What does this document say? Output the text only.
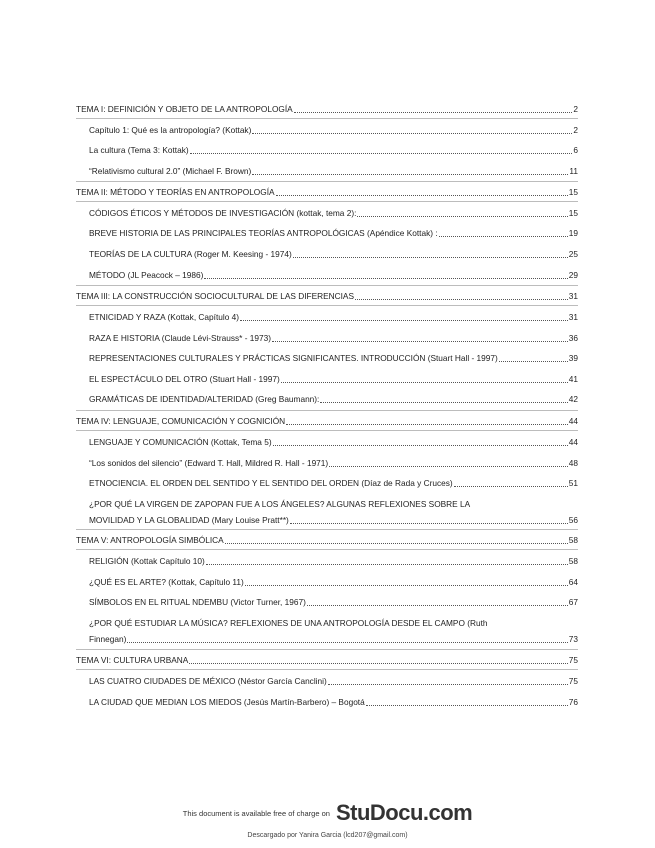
TEMA I: DEFINICIÓN Y OBJETO DE LA ANTROPOLOGÍA	2
Capítulo 1: Qué es la antropología? (Kottak)	2
La cultura (Tema 3: Kottak)	6
“Relativismo cultural 2.0” (Michael F. Brown)	11
TEMA II: MÉTODO Y TEORÍAS EN ANTROPOLOGÍA	15
CÓDIGOS ÉTICOS Y MÉTODOS DE INVESTIGACIÓN (kottak, tema 2):	15
BREVE HISTORIA DE LAS PRINCIPALES TEORÍAS ANTROPOLÓGICAS (Apéndice Kottak) :	19
TEORÍAS DE LA CULTURA (Roger M. Keesing - 1974)	25
MÉTODO (JL Peacock – 1986)	29
TEMA III: LA CONSTRUCCIÓN SOCIOCULTURAL DE LAS DIFERENCIAS	31
ETNICIDAD Y RAZA (Kottak, Capítulo 4)	31
RAZA E HISTORIA (Claude Lévi-Strauss* - 1973)	36
REPRESENTACIONES CULTURALES Y PRÁCTICAS SIGNIFICANTES. INTRODUCCIÓN (Stuart Hall - 1997)	39
EL ESPECTÁCULO DEL OTRO (Stuart Hall - 1997)	41
GRAMÁTICAS DE IDENTIDAD/ALTERIDAD (Greg Baumann):	42
TEMA IV: LENGUAJE, COMUNICACIÓN Y COGNICIÓN	44
LENGUAJE Y COMUNICACIÓN (Kottak, Tema 5)	44
“Los sonidos del silencio” (Edward T. Hall, Mildred R. Hall - 1971)	48
ETNOCIENCIA. EL ORDEN DEL SENTIDO Y EL SENTIDO DEL ORDEN (Díaz de Rada y Cruces)	51
¿POR QUÉ LA VIRGEN DE ZAPOPAN FUE A LOS ÁNGELES? ALGUNAS REFLEXIONES SOBRE LA
MOVILIDAD Y LA GLOBALIDAD (Mary Louise Pratt**)	56
TEMA V: ANTROPOLOGÍA SIMBÓLICA	58
RELIGIÓN (Kottak Capítulo 10)	58
¿QUÉ ES EL ARTE? (Kottak, Capítulo 11)	64
SÍMBOLOS EN EL RITUAL NDEMBU (Victor Turner, 1967)	67
¿POR QUÉ ESTUDIAR LA MÚSICA? REFLEXIONES DE UNA ANTROPOLOGÍA DESDE EL CAMPO (Ruth
Finnegan)	73
TEMA VI: CULTURA URBANA	75
LAS CUATRO CIUDADES DE MÉXICO (Néstor García Canclini)	75
LA CIUDAD QUE MEDIAN LOS MIEDOS (Jesús Martín-Barbero) – Bogotá	76
This document is available free of charge on StuDocu.com
Descargado por Yanira Garcia (lcd207@gmail.com)
